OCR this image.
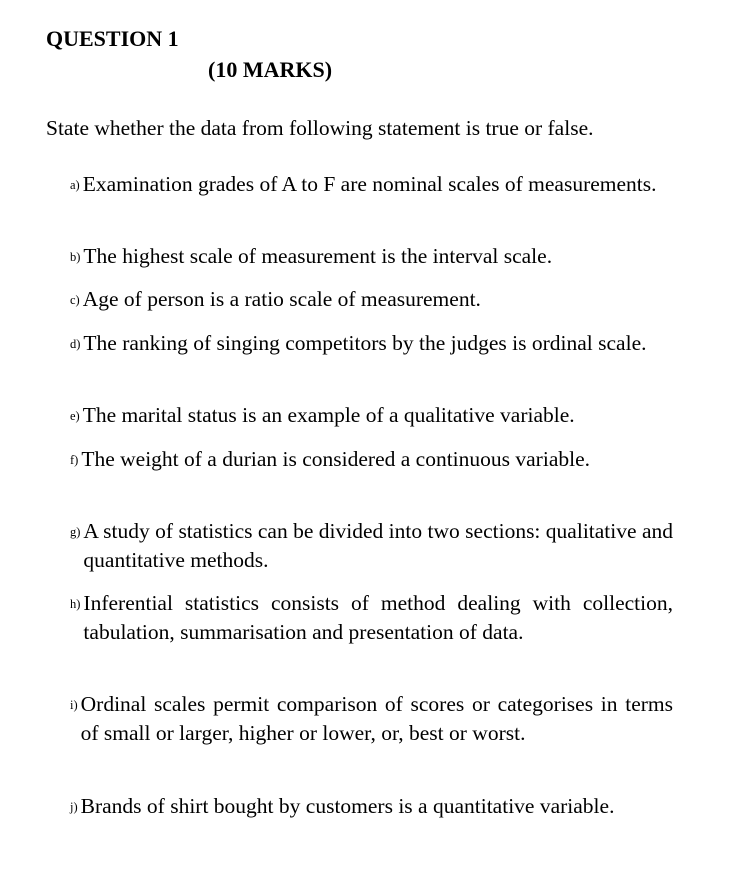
QUESTION 1
(10 MARKS)
State whether the data from following statement is true or false.
a) Examination grades of A to F are nominal scales of measurements.
b) The highest scale of measurement is the interval scale.
c) Age of person is a ratio scale of measurement.
d) The ranking of singing competitors by the judges is ordinal scale.
e) The marital status is an example of a qualitative variable.
f) The weight of a durian is considered a continuous variable.
g) A study of statistics can be divided into two sections: qualitative and quantitative methods.
h) Inferential statistics consists of method dealing with collection, tabulation, summarisation and presentation of data.
i) Ordinal scales permit comparison of scores or categorises in terms of small or larger, higher or lower, or, best or worst.
j) Brands of shirt bought by customers is a quantitative variable.
